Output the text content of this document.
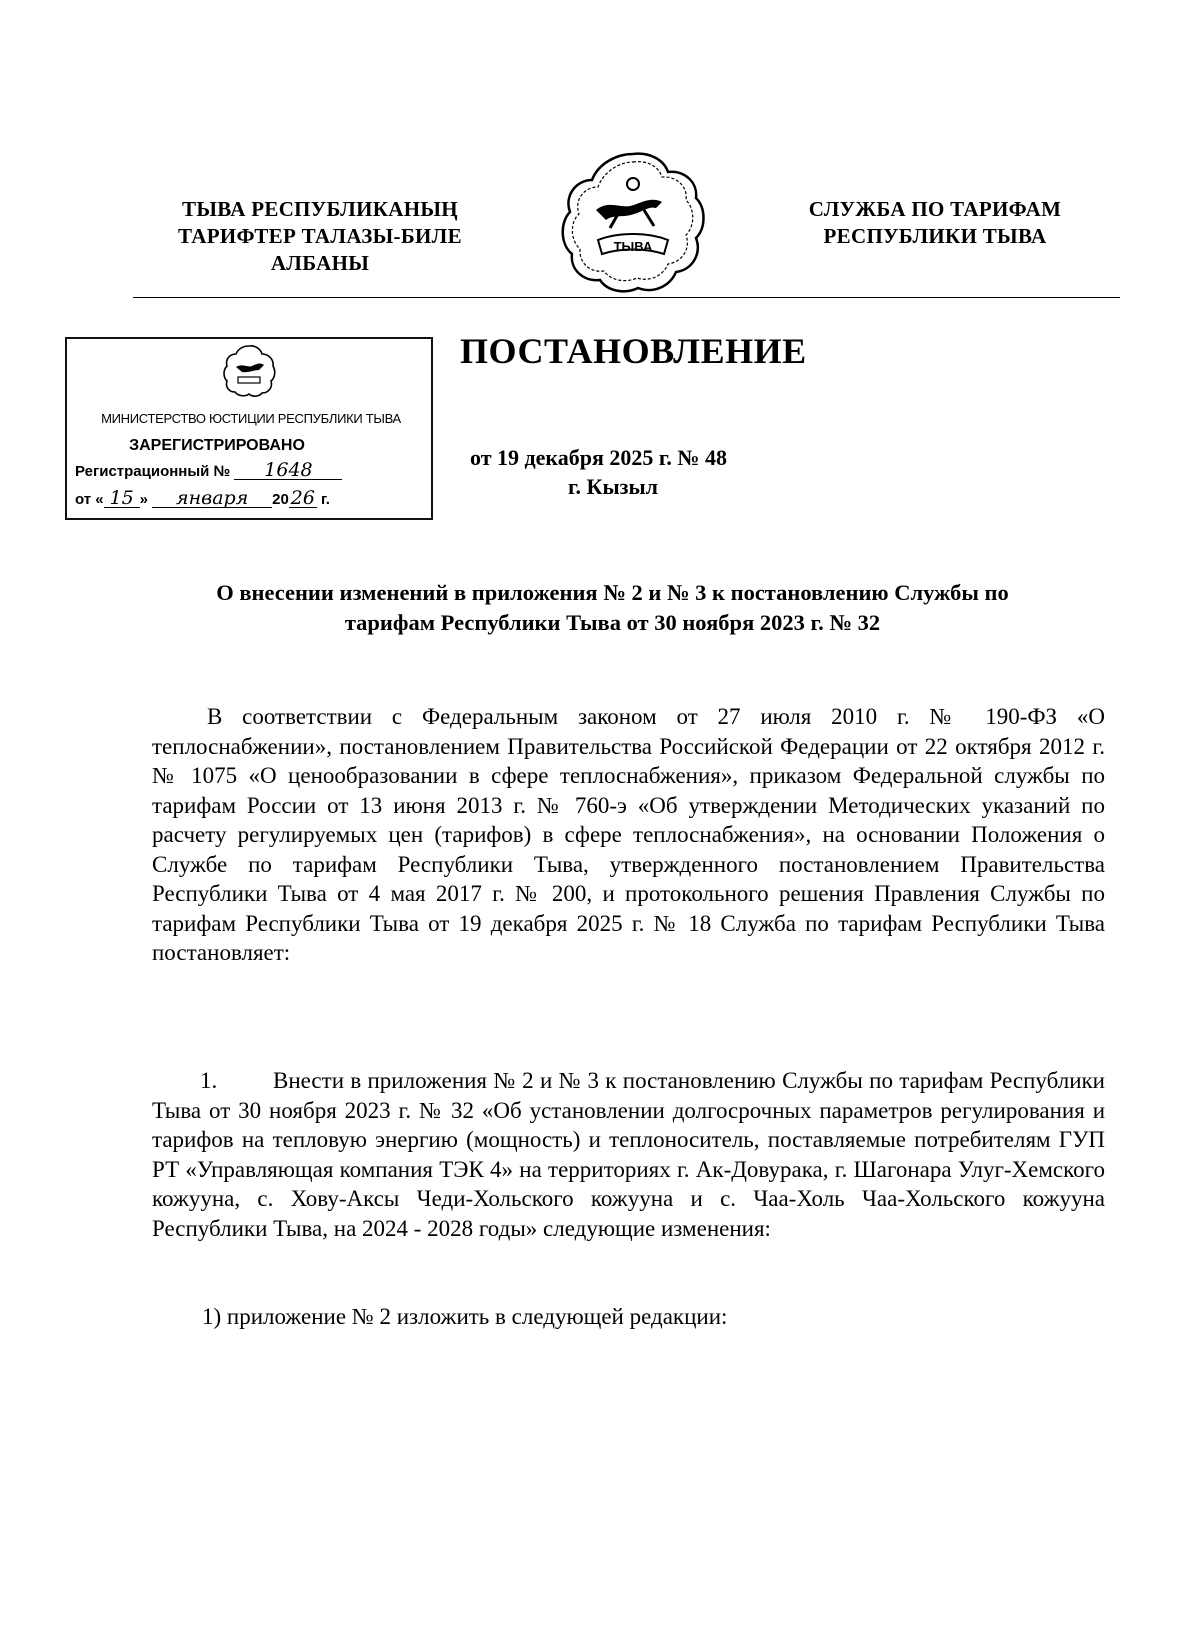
ТЫВА РЕСПУБЛИКАНЫҢ
ТАРИФТЕР ТАЛАЗЫ-БИЛЕ
АЛБАНЫ
ТЫВА
СЛУЖБА ПО ТАРИФАМ
РЕСПУБЛИКИ ТЫВА
МИНИСТЕРСТВО ЮСТИЦИИ РЕСПУБЛИКИ ТЫВА
ЗАРЕГИСТРИРОВАНО
Регистрационный № 1648
от « 15 » января 20 26 г.
ПОСТАНОВЛЕНИЕ
от 19 декабря 2025 г. № 48
г. Кызыл
О внесении изменений в приложения № 2 и № 3 к постановлению Службы по
тарифам Республики Тыва от 30 ноября 2023 г. № 32
В соответствии с Федеральным законом от 27 июля 2010 г. № 190-ФЗ «О теплоснабжении», постановлением Правительства Российской Федерации от 22 октября 2012 г. № 1075 «О ценообразовании в сфере теплоснабжения», приказом Федеральной службы по тарифам России от 13 июня 2013 г. № 760-э «Об утверждении Методических указаний по расчету регулируемых цен (тарифов) в сфере теплоснабжения», на основании Положения о Службе по тарифам Республики Тыва, утвержденного постановлением Правительства Республики Тыва от 4 мая 2017 г. № 200, и протокольного решения Правления Службы по тарифам Республики Тыва от 19 декабря 2025 г. № 18 Служба по тарифам Республики Тыва постановляет:
1. Внести в приложения № 2 и № 3 к постановлению Службы по тарифам Республики Тыва от 30 ноября 2023 г. № 32 «Об установлении долгосрочных параметров регулирования и тарифов на тепловую энергию (мощность) и теплоноситель, поставляемые потребителям ГУП РТ «Управляющая компания ТЭК 4» на территориях г. Ак-Довурака, г. Шагонара Улуг-Хемского кожууна, с. Хову-Аксы Чеди-Хольского кожууна и с. Чаа-Холь Чаа-Хольского кожууна Республики Тыва, на 2024 - 2028 годы» следующие изменения:
1) приложение № 2 изложить в следующей редакции:
